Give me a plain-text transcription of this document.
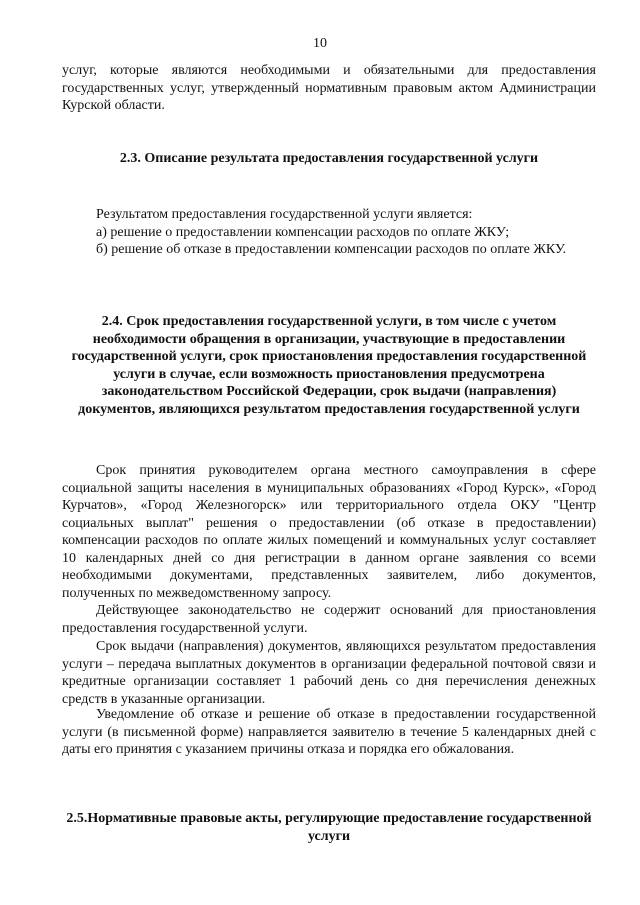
10

услуг, которые являются необходимыми и обязательными для предоставления государственных услуг, утвержденный нормативным правовым актом Администрации Курской области.

2.3. Описание результата предоставления государственной услуги

Результатом предоставления государственной услуги является:

а) решение о предоставлении компенсации расходов по оплате ЖКУ;

б) решение об отказе в предоставлении компенсации расходов по оплате ЖКУ.

2.4. Срок предоставления государственной услуги, в том числе с учетом необходимости обращения в организации, участвующие в предоставлении государственной услуги, срок приостановления предоставления государственной услуги в случае, если возможность приостановления предусмотрена законодательством Российской Федерации, срок выдачи (направления) документов, являющихся результатом предоставления государственной услуги

Срок принятия руководителем органа местного самоуправления в сфере социальной защиты населения в муниципальных образованиях «Город Курск», «Город Курчатов», «Город Железногорск» или территориального отдела ОКУ "Центр социальных выплат" решения о предоставлении (об отказе в предоставлении) компенсации расходов по оплате жилых помещений и коммунальных услуг составляет 10 календарных дней со дня регистрации в данном органе заявления со всеми необходимыми документами, представленных заявителем, либо документов, полученных по межведомственному запросу.

Действующее законодательство не содержит оснований для приостановления предоставления государственной услуги.

Срок выдачи (направления) документов, являющихся результатом предоставления услуги – передача выплатных документов в организации федеральной почтовой связи и кредитные организации составляет 1 рабочий день со дня перечисления денежных средств в указанные организации.

Уведомление об отказе и решение об отказе в предоставлении государственной услуги (в письменной форме) направляется заявителю в течение 5 календарных дней с даты его принятия с указанием причины отказа и порядка его обжалования.

2.5.Нормативные правовые акты, регулирующие предоставление государственной услуги
